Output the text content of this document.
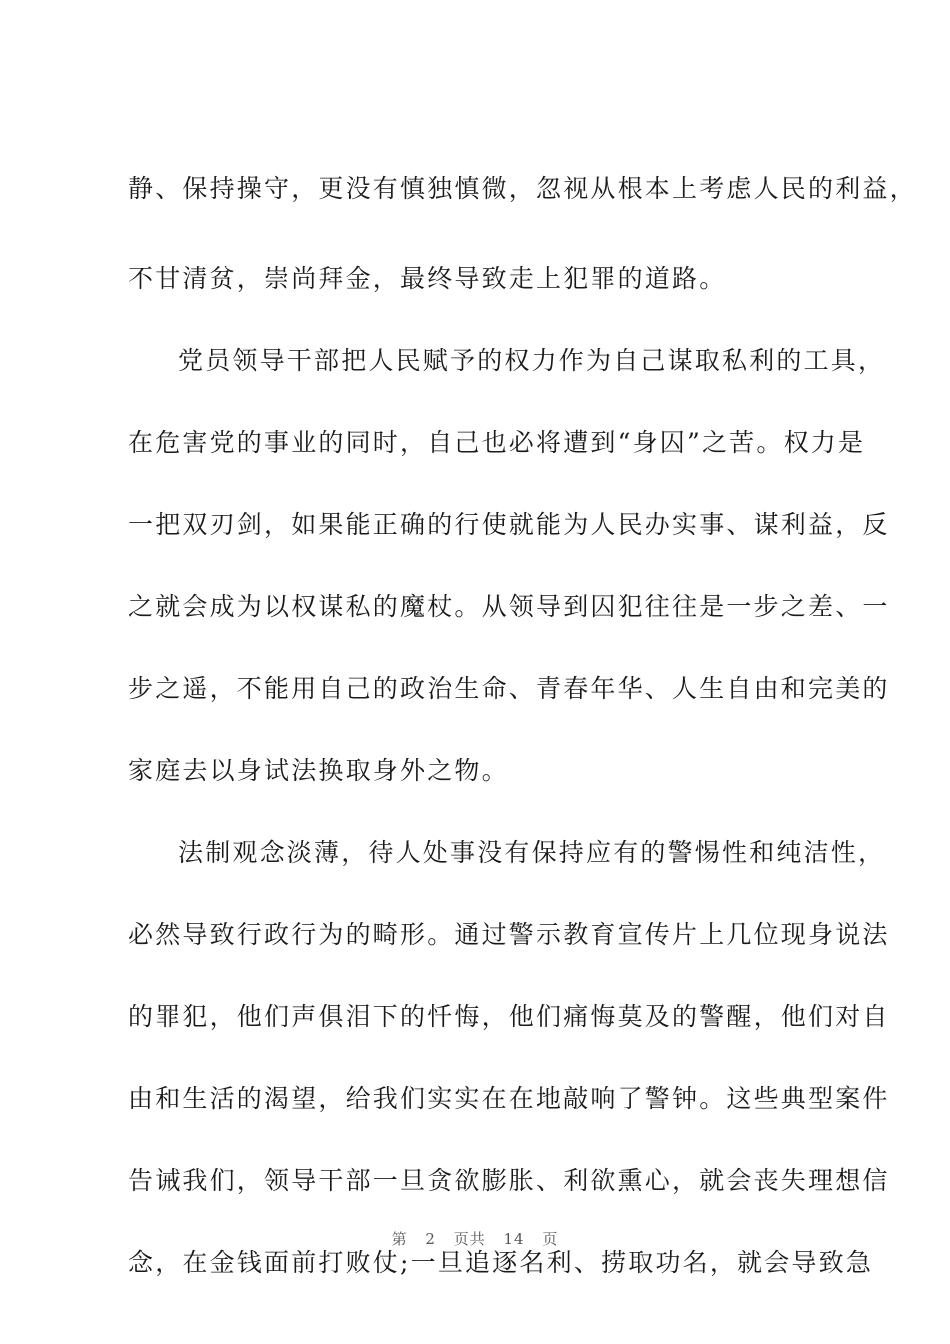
静、保持操守，更没有慎独慎微，忽视从根本上考虑人民的利益，
不甘清贫，崇尚拜金，最终导致走上犯罪的道路。
党员领导干部把人民赋予的权力作为自己谋取私利的工具，
在危害党的事业的同时，自己也必将遭到“身囚”之苦。权力是
一把双刃剑，如果能正确的行使就能为人民办实事、谋利益，反
之就会成为以权谋私的魔杖。从领导到囚犯往往是一步之差、一
步之遥，不能用自己的政治生命、青春年华、人生自由和完美的
家庭去以身试法换取身外之物。
法制观念淡薄，待人处事没有保持应有的警惕性和纯洁性，
必然导致行政行为的畸形。通过警示教育宣传片上几位现身说法
的罪犯，他们声俱泪下的忏悔，他们痛悔莫及的警醒，他们对自
由和生活的渴望，给我们实实在在地敲响了警钟。这些典型案件
告诫我们，领导干部一旦贪欲膨胀、利欲熏心，就会丧失理想信
念，在金钱面前打败仗;一旦追逐名利、捞取功名，就会导致急
第 2 页共 14 页
